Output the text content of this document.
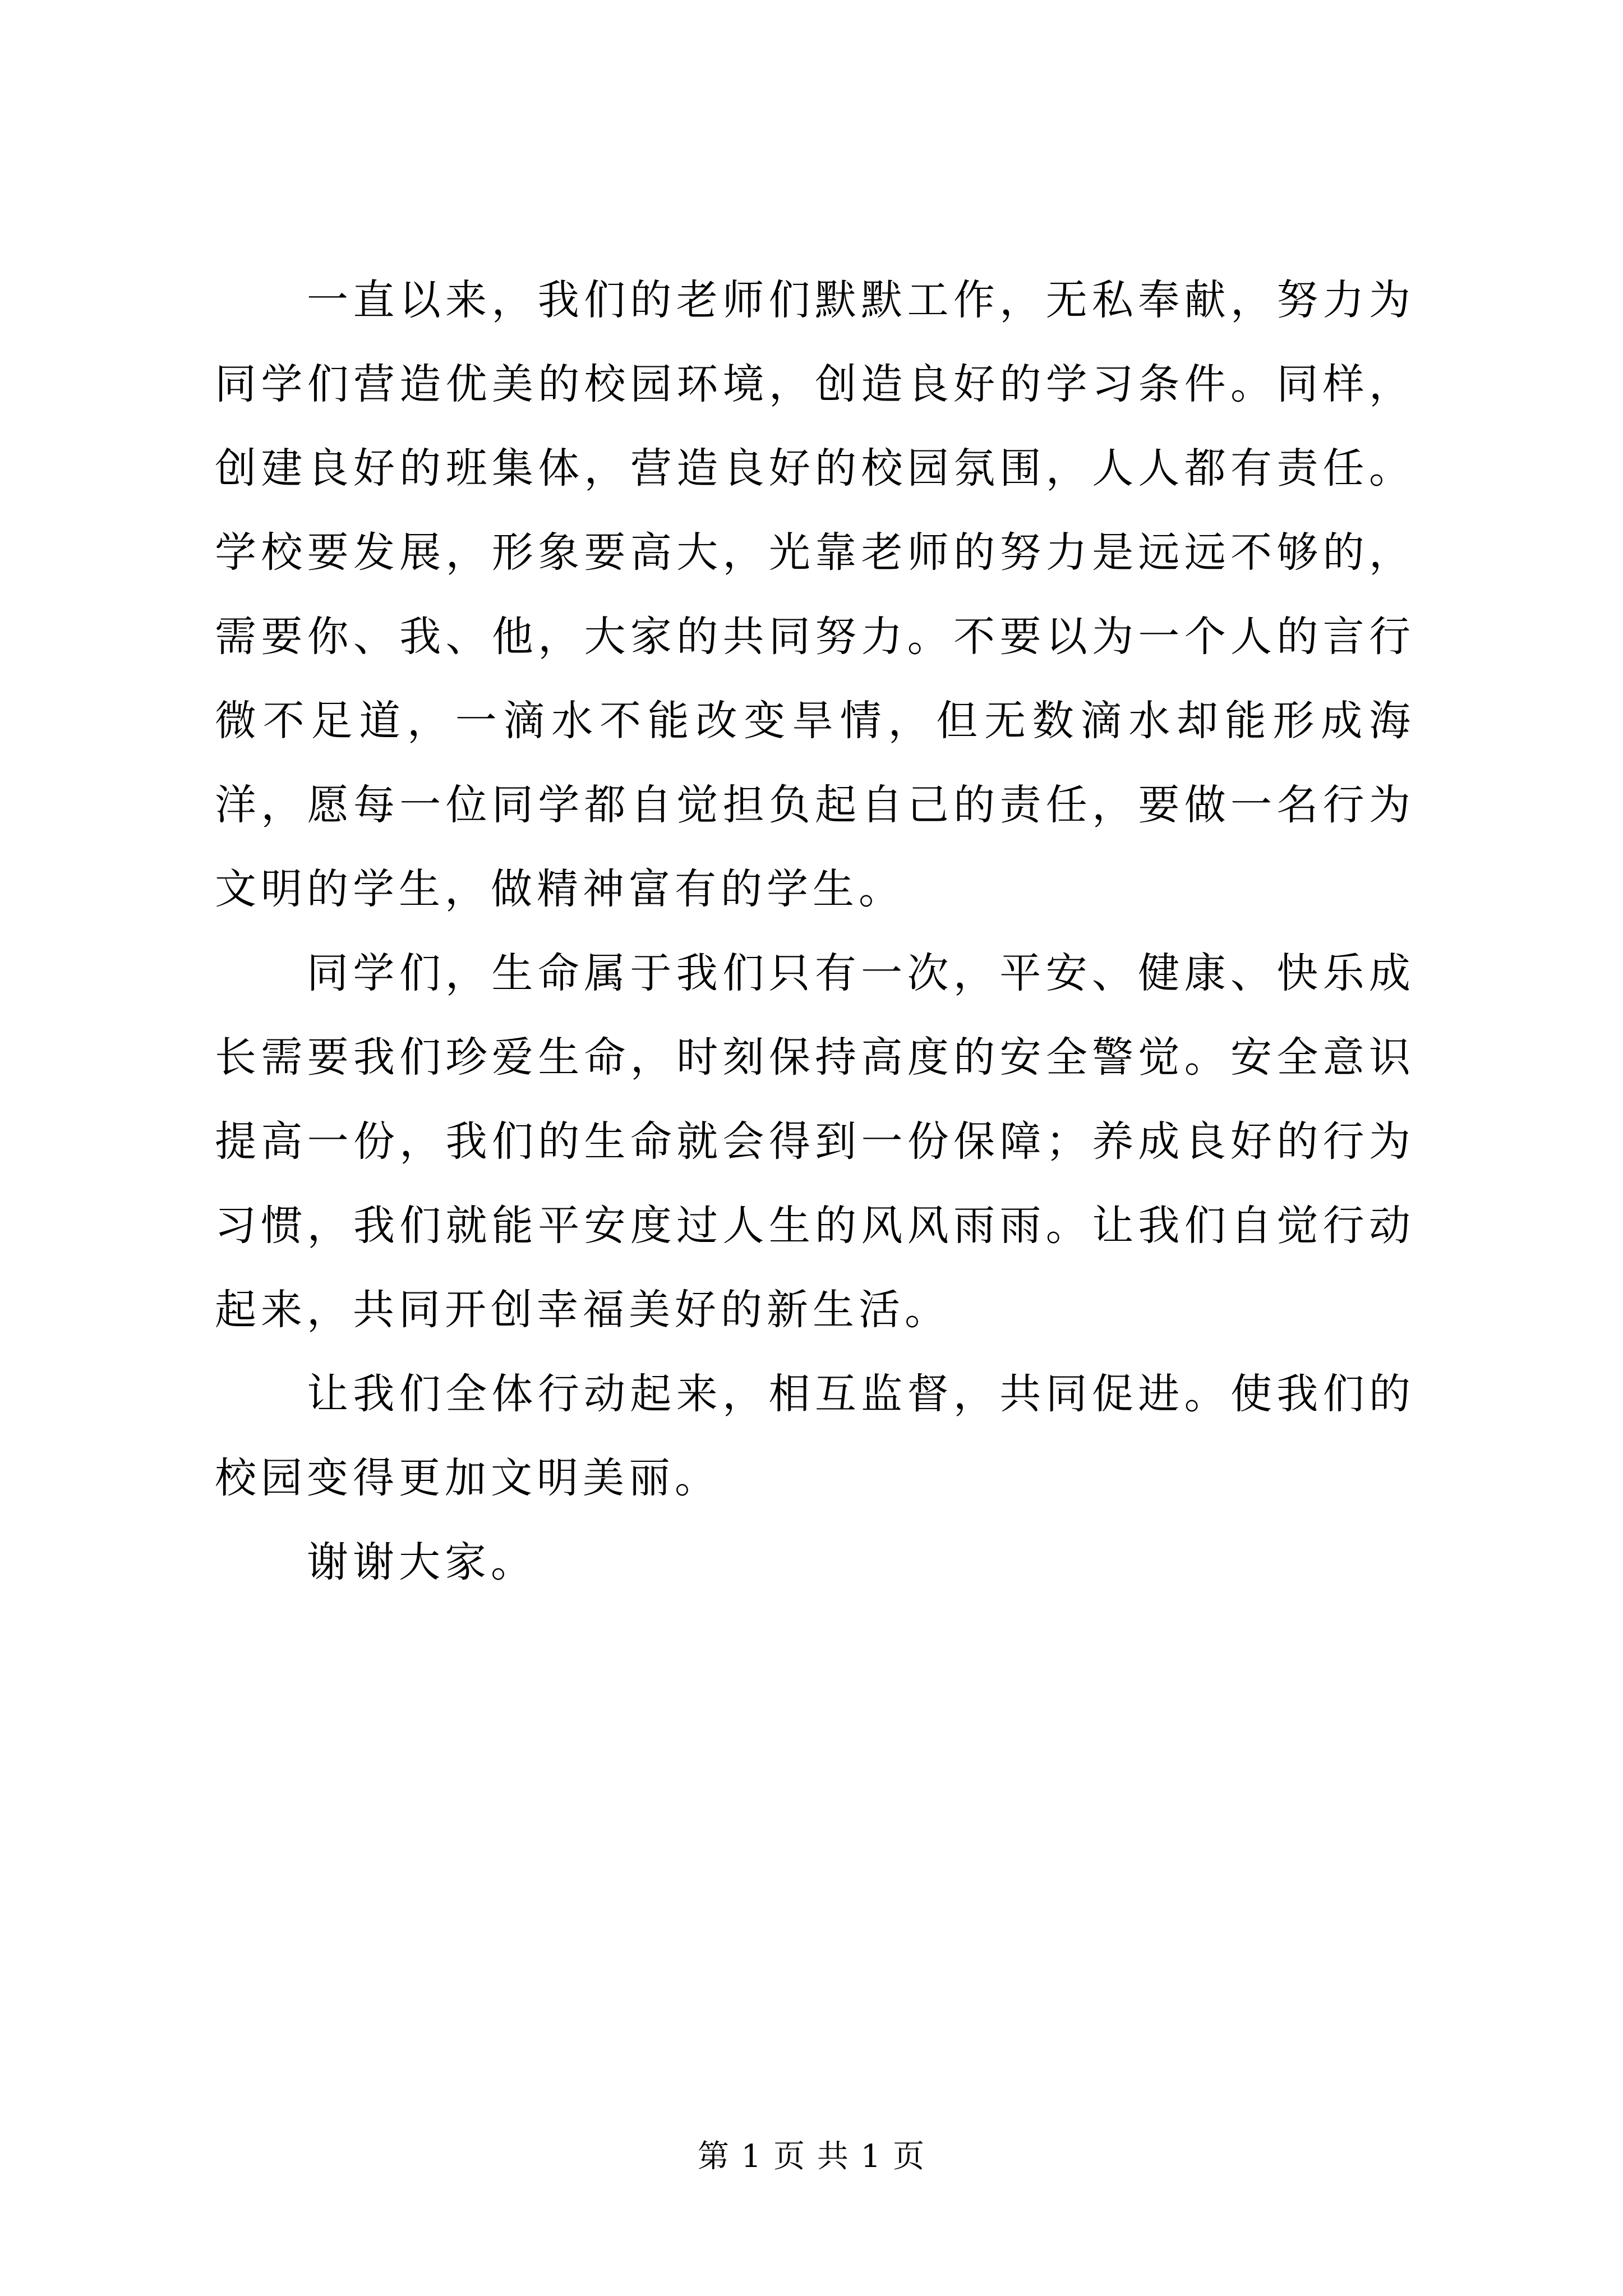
一直以来，我们的老师们默默工作，无私奉献，努力为同学们营造优美的校园环境，创造良好的学习条件。同样，创建良好的班集体，营造良好的校园氛围，人人都有责任。学校要发展，形象要高大，光靠老师的努力是远远不够的，需要你、我、他，大家的共同努力。不要以为一个人的言行微不足道，一滴水不能改变旱情，但无数滴水却能形成海洋，愿每一位同学都自觉担负起自己的责任，要做一名行为文明的学生，做精神富有的学生。

同学们，生命属于我们只有一次，平安、健康、快乐成长需要我们珍爱生命，时刻保持高度的安全警觉。安全意识提高一份，我们的生命就会得到一份保障；养成良好的行为习惯，我们就能平安度过人生的风风雨雨。让我们自觉行动起来，共同开创幸福美好的新生活。

让我们全体行动起来，相互监督，共同促进。使我们的校园变得更加文明美丽。

谢谢大家。

第 1 页 共 1 页
